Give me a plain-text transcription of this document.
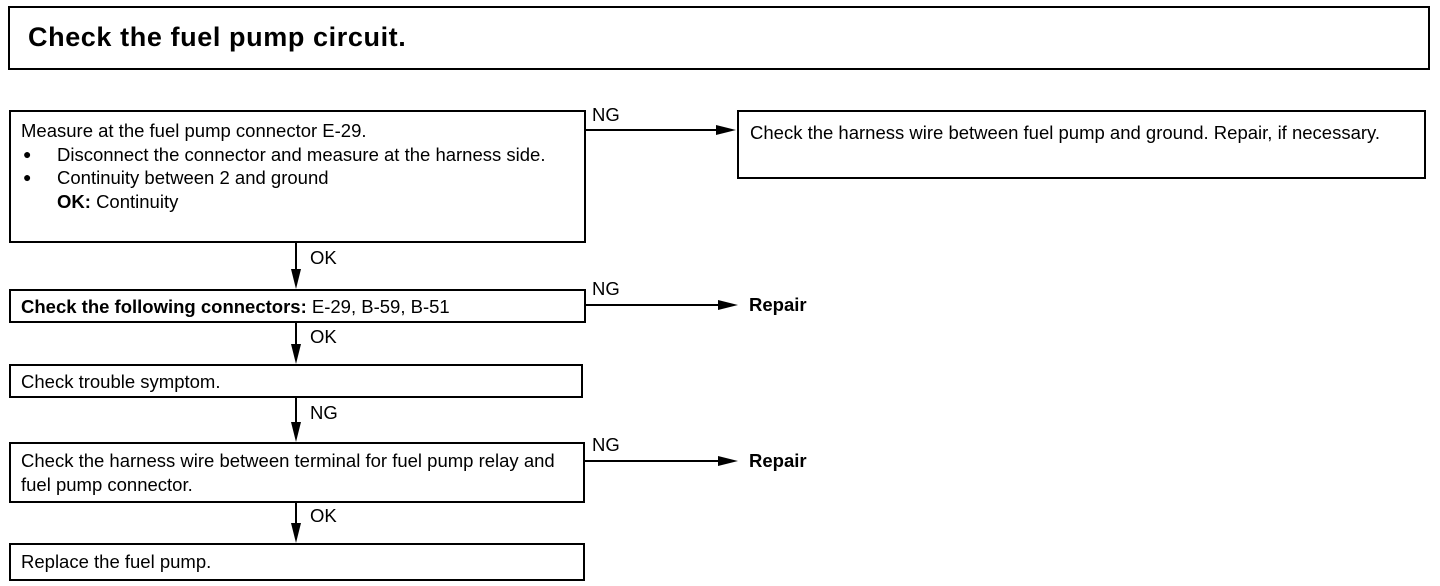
Check the fuel pump circuit.
Measure at the fuel pump connector E-29.
●	Disconnect the connector and measure at the harness side.
●	Continuity between 2 and ground
OK: Continuity
Check the harness wire between fuel pump and ground. Repair, if necessary.
Check the following connectors: E-29, B-59, B-51
Check trouble symptom.
Check the harness wire between terminal for fuel pump relay and fuel pump connector.
Replace the fuel pump.
Repair
Repair
NG
OK
NG
OK
NG
NG
OK
